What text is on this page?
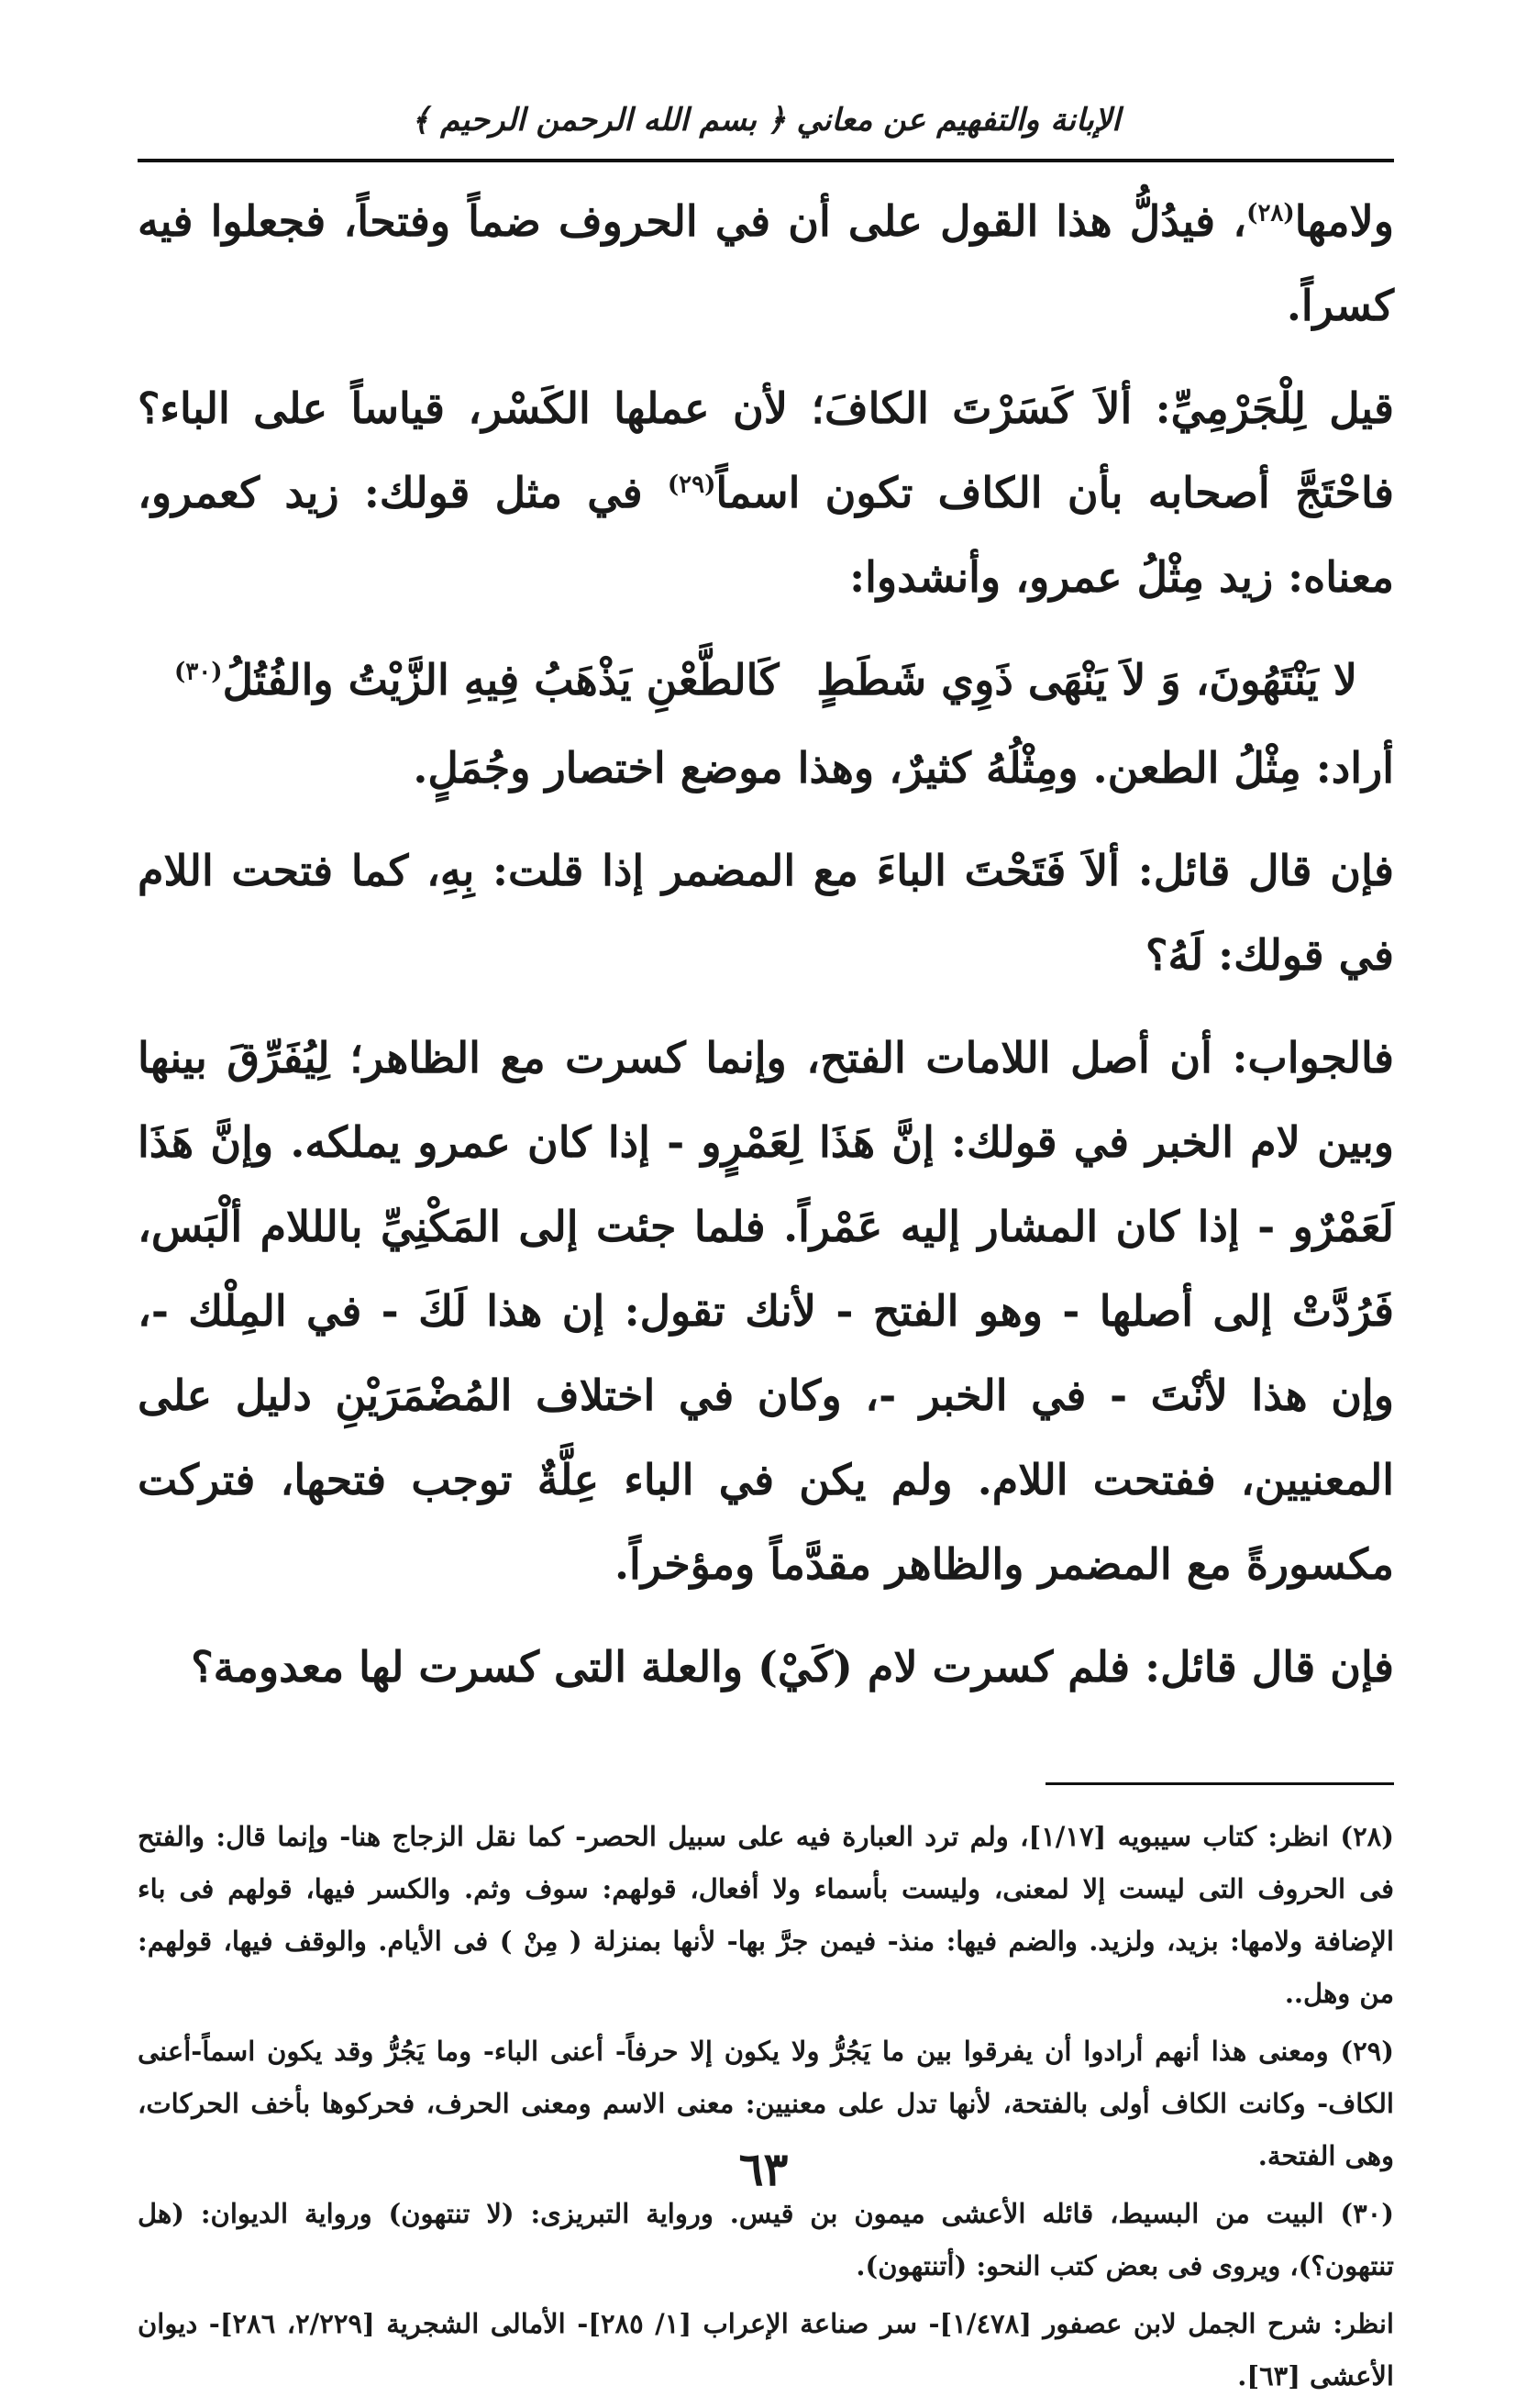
الإبانة والتفهيم عن معاني ﴿ بسم الله الرحمن الرحيم ﴾

ولامها$^{(٢٨)}$، فيدُلُّ هذا القول على أن في الحروف ضماً وفتحاً، فجعلوا فيه كسراً.

قيل لِلْجَرْمِيِّ: ألاَ كَسَرْتَ الكافَ؛ لأن عملها الكَسْر، قياساً على الباء؟ فاحْتَجَّ أصحابه بأن الكاف تكون اسماً$^{(٢٩)}$ في مثل قولك: زيد كعمرو، معناه: زيد مِثْلُ عمرو، وأنشدوا:

لا يَنْتَهُونَ، وَ لاَ يَنْهَى ذَوِي شَطَطٍ
كَالطَّعْنِ يَذْهَبُ فِيهِ الزَّيْتُ والفُتُلُ$^{(٣٠)}$

أراد: مِثْلُ الطعن. ومِثْلُهُ كثيرٌ، وهذا موضع اختصار وجُمَلٍ.

فإن قال قائل: ألاَ فَتَحْتَ الباءَ مع المضمر إذا قلت: بِهِ، كما فتحت اللام في قولك: لَهُ؟

فالجواب: أن أصل اللامات الفتح، وإنما كسرت مع الظاهر؛ لِيُفَرِّقَ بينها وبين لام الخبر في قولك: إنَّ هَذَا لِعَمْرٍو - إذا كان عمرو يملكه. وإنَّ هَذَا لَعَمْرٌو - إذا كان المشار إليه عَمْراً. فلما جئت إلى المَكْنِيِّ بالللام ألْبَس، فَرُدَّتْ إلى أصلها - وهو الفتح - لأنك تقول: إن هذا لَكَ - في المِلْك -، وإن هذا لأنْتَ - في الخبر -، وكان في اختلاف المُضْمَرَيْنِ دليل على المعنيين، ففتحت اللام. ولم يكن في الباء عِلَّةٌ توجب فتحها، فتركت مكسورةً مع المضمر والظاهر مقدَّماً ومؤخراً.

فإن قال قائل: فلم كسرت لام (كَيْ) والعلة التى كسرت لها معدومة؟

(٢٨) انظر: كتاب سيبويه [١/١٧]، ولم ترد العبارة فيه على سبيل الحصر- كما نقل الزجاج هنا- وإنما قال: والفتح فى الحروف التى ليست إلا لمعنى، وليست بأسماء ولا أفعال، قولهم: سوف وثم. والكسر فيها، قولهم فى باء الإضافة ولامها: بزيد، ولزيد. والضم فيها: منذ- فيمن جرَّ بها- لأنها بمنزلة ( مِنْ ) فى الأيام. والوقف فيها، قولهم: من وهل..

(٢٩) ومعنى هذا أنهم أرادوا أن يفرقوا بين ما يَجُرُّ ولا يكون إلا حرفاً- أعنى الباء- وما يَجُرُّ وقد يكون اسماً-أعنى الكاف- وكانت الكاف أولى بالفتحة، لأنها تدل على معنيين: معنى الاسم ومعنى الحرف، فحركوها بأخف الحركات، وهى الفتحة.

(٣٠) البيت من البسيط، قائله الأعشى ميمون بن قيس. ورواية التبريزى: (لا تنتهون) ورواية الديوان: (هل تنتهون؟)، ويروى فى بعض كتب النحو: (أتنتهون).

انظر: شرح الجمل لابن عصفور [١/٤٧٨]- سر صناعة الإعراب [١/ ٢٨٥]- الأمالى الشجرية [٢/٢٢٩، ٢٨٦]- ديوان الأعشى [٦٣].

٦٣
